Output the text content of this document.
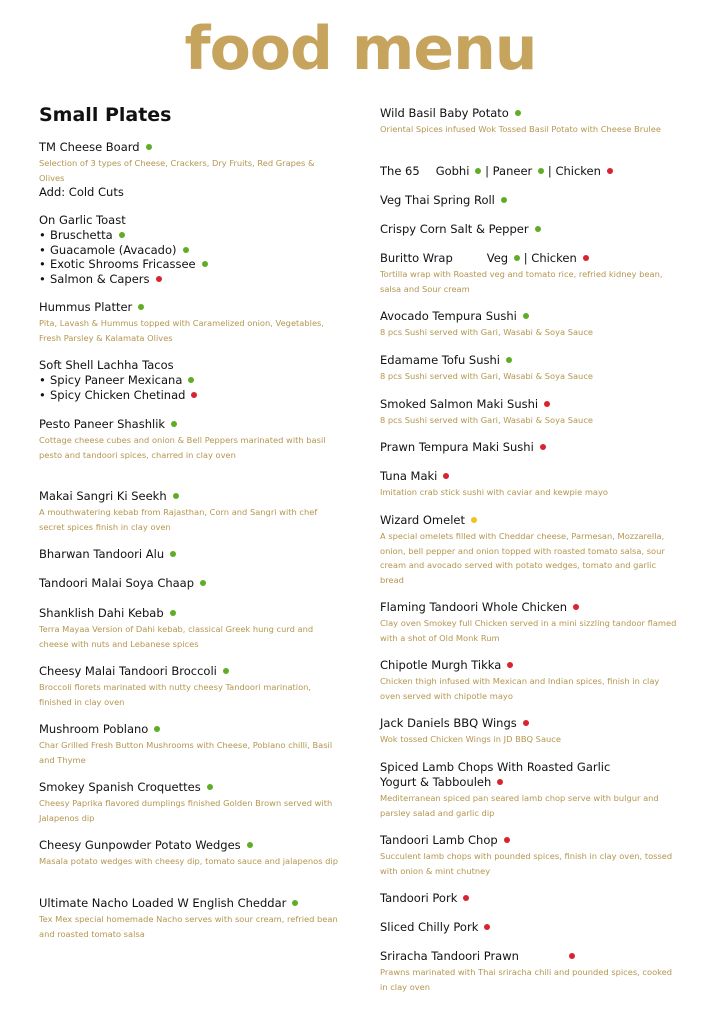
food menu
Small Plates
TM Cheese Board
Selection of 3 types of Cheese, Crackers, Dry Fruits, Red Grapes & Olives
Add: Cold Cuts
On Garlic Toast
• Bruschetta
• Guacamole (Avacado)
• Exotic Shrooms Fricassee
• Salmon & Capers
Hummus Platter
Pita, Lavash & Hummus topped with Caramelized onion, Vegetables, Fresh Parsley & Kalamata Olives
Soft Shell Lachha Tacos
• Spicy Paneer Mexicana
• Spicy Chicken Chetinad
Pesto Paneer Shashlik
Cottage cheese cubes and onion & Bell Peppers marinated with basil pesto and tandoori spices, charred in clay oven
Makai Sangri Ki Seekh
A mouthwatering kebab from Rajasthan, Corn and Sangri with chef secret spices finish in clay oven
Bharwan Tandoori Alu
Tandoori Malai Soya Chaap
Shanklish Dahi Kebab
Terra Mayaa Version of Dahi kebab, classical Greek hung curd and cheese with nuts and Lebanese spices
Cheesy Malai Tandoori Broccoli
Broccoli florets marinated with nutty cheesy Tandoori marination, finished in clay oven
Mushroom Poblano
Char Grilled Fresh Button Mushrooms with Cheese, Poblano chilli, Basil and Thyme
Smokey Spanish Croquettes
Cheesy Paprika flavored dumplings finished Golden Brown served with Jalapenos dip
Cheesy Gunpowder Potato Wedges
Masala potato wedges with cheesy dip, tomato sauce and jalapenos dip
Ultimate Nacho Loaded W English Cheddar
Tex Mex special homemade Nacho serves with sour cream, refried bean and roasted tomato salsa
Wild Basil Baby Potato
Oriental Spices infused Wok Tossed Basil Potato with Cheese Brulee
The 65 Gobhi | Paneer | Chicken
Veg Thai Spring Roll
Crispy Corn Salt & Pepper
Buritto Wrap	Veg | Chicken
Tortilla wrap with Roasted veg and tomato rice, refried kidney bean, salsa and Sour cream
Avocado Tempura Sushi
8 pcs Sushi served with Gari, Wasabi & Soya Sauce
Edamame Tofu Sushi
8 pcs Sushi served with Gari, Wasabi & Soya Sauce
Smoked Salmon Maki Sushi
8 pcs Sushi served with Gari, Wasabi & Soya Sauce
Prawn Tempura Maki Sushi
Tuna Maki
Imitation crab stick sushi with caviar and kewpie mayo
Wizard Omelet
A special omelets filled with Cheddar cheese, Parmesan, Mozzarella, onion, bell pepper and onion topped with roasted tomato salsa, sour cream and avocado served with potato wedges, tomato and garlic bread
Flaming Tandoori Whole Chicken
Clay oven Smokey full Chicken served in a mini sizzling tandoor flamed with a shot of Old Monk Rum
Chipotle Murgh Tikka
Chicken thigh infused with Mexican and Indian spices, finish in clay oven served with chipotle mayo
Jack Daniels BBQ Wings
Wok tossed Chicken Wings in JD BBQ Sauce
Spiced Lamb Chops With Roasted Garlic
Yogurt & Tabbouleh
Mediterranean spiced pan seared lamb chop serve with bulgur and parsley salad and garlic dip
Tandoori Lamb Chop
Succulent lamb chops with pounded spices, finish in clay oven, tossed with onion & mint chutney
Tandoori Pork
Sliced Chilly Pork
Sriracha Tandoori Prawn
Prawns marinated with Thai sriracha chili and pounded spices, cooked in clay oven
